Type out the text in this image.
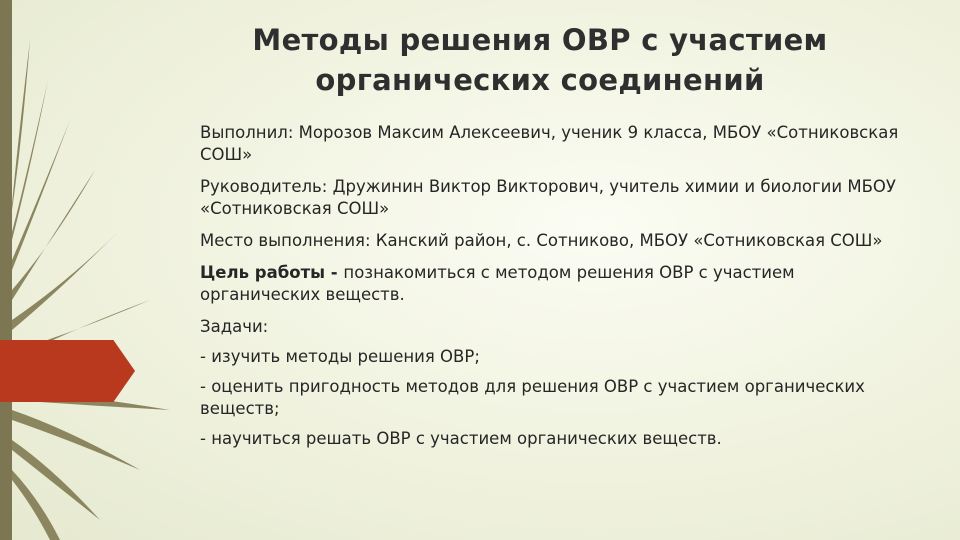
Методы решения ОВР с участием
органических соединений

Выполнил: Морозов Максим Алексеевич, ученик 9 класса, МБОУ «Сотниковская СОШ»

Руководитель: Дружинин Виктор Викторович, учитель химии и биологии МБОУ «Сотниковская СОШ»

Место выполнения: Канский район, с. Сотниково, МБОУ «Сотниковская СОШ»

Цель работы - познакомиться с методом решения ОВР с участием органических веществ.

Задачи:

- изучить методы решения ОВР;

- оценить пригодность методов для решения ОВР с участием органических веществ;

- научиться решать ОВР с участием органических веществ.
